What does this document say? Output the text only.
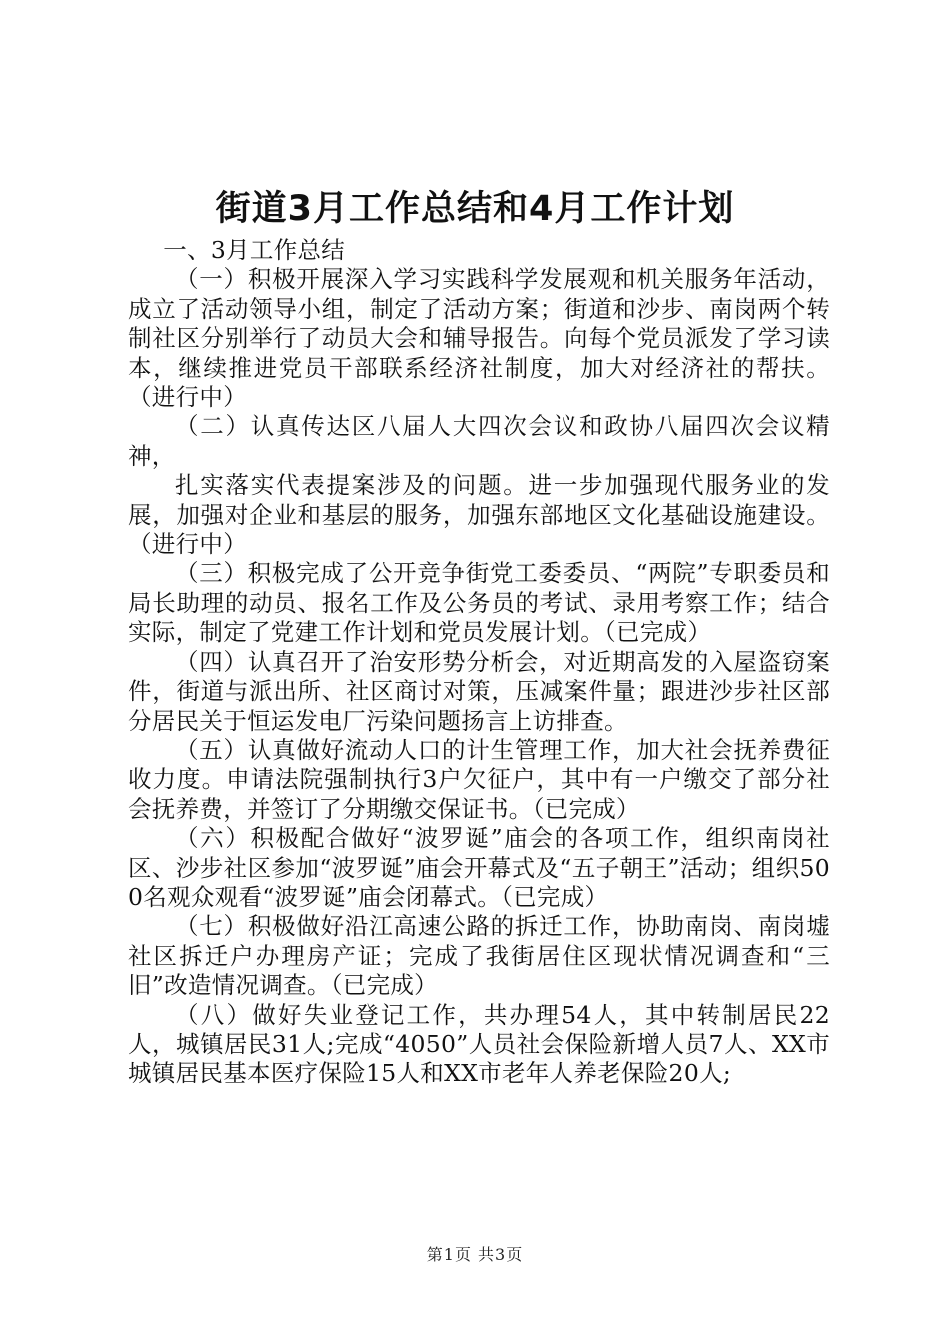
街道3月工作总结和4月工作计划

一、3月工作总结

（一）积极开展深入学习实践科学发展观和机关服务年活动，成立了活动领导小组，制定了活动方案；街道和沙步、南岗两个转制社区分别举行了动员大会和辅导报告。向每个党员派发了学习读本，继续推进党员干部联系经济社制度，加大对经济社的帮扶。（进行中）

（二）认真传达区八届人大四次会议和政协八届四次会议精神，

扎实落实代表提案涉及的问题。进一步加强现代服务业的发展，加强对企业和基层的服务，加强东部地区文化基础设施建设。（进行中）

（三）积极完成了公开竞争街党工委委员、“两院”专职委员和局长助理的动员、报名工作及公务员的考试、录用考察工作；结合实际，制定了党建工作计划和党员发展计划。（已完成）

（四）认真召开了治安形势分析会，对近期高发的入屋盗窃案件，街道与派出所、社区商讨对策，压减案件量；跟进沙步社区部分居民关于恒运发电厂污染问题扬言上访排查。

（五）认真做好流动人口的计生管理工作，加大社会抚养费征收力度。申请法院强制执行3户欠征户，其中有一户缴交了部分社会抚养费，并签订了分期缴交保证书。（已完成）

（六）积极配合做好“波罗诞”庙会的各项工作，组织南岗社区、沙步社区参加“波罗诞”庙会开幕式及“五子朝王”活动；组织500名观众观看“波罗诞”庙会闭幕式。（已完成）

（七）积极做好沿江高速公路的拆迁工作，协助南岗、南岗墟社区拆迁户办理房产证；完成了我街居住区现状情况调查和“三旧”改造情况调查。（已完成）

（八）做好失业登记工作，共办理54人，其中转制居民22人，城镇居民31人;完成“4050”人员社会保险新增人员7人、XX市城镇居民基本医疗保险15人和XX市老年人养老保险20人;

第1页 共3页
